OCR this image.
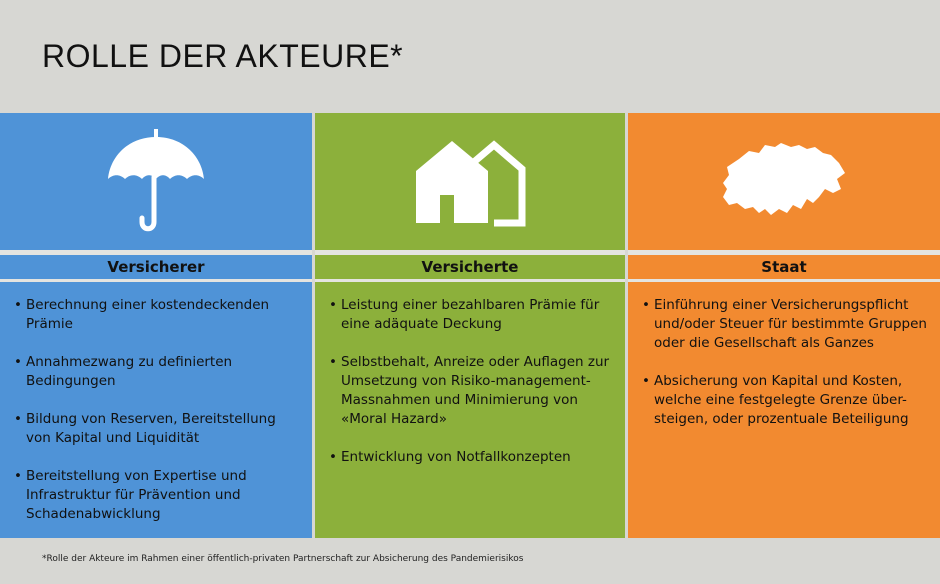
ROLLE DER AKTEURE*
Versicherer
• Berechnung einer kostendeckenden Prämie
• Annahmezwang zu definierten Bedingungen
• Bildung von Reserven, Bereitstellung von Kapital und Liquidität
• Bereitstellung von Expertise und Infrastruktur für Prävention und Schadenabwicklung
Versicherte
• Leistung einer bezahlbaren Prämie für eine adäquate Deckung
• Selbstbehalt, Anreize oder Auflagen zur Umsetzung von Risiko-management-Massnahmen und Minimierung von «Moral Hazard»
• Entwicklung von Notfallkonzepten
Staat
• Einführung einer Versicherungspflicht und/oder Steuer für bestimmte Gruppen oder die Gesellschaft als Ganzes
• Absicherung von Kapital und Kosten, welche eine festgelegte Grenze über-steigen, oder prozentuale Beteiligung
*Rolle der Akteure im Rahmen einer öffentlich-privaten Partnerschaft zur Absicherung des Pandemierisikos
